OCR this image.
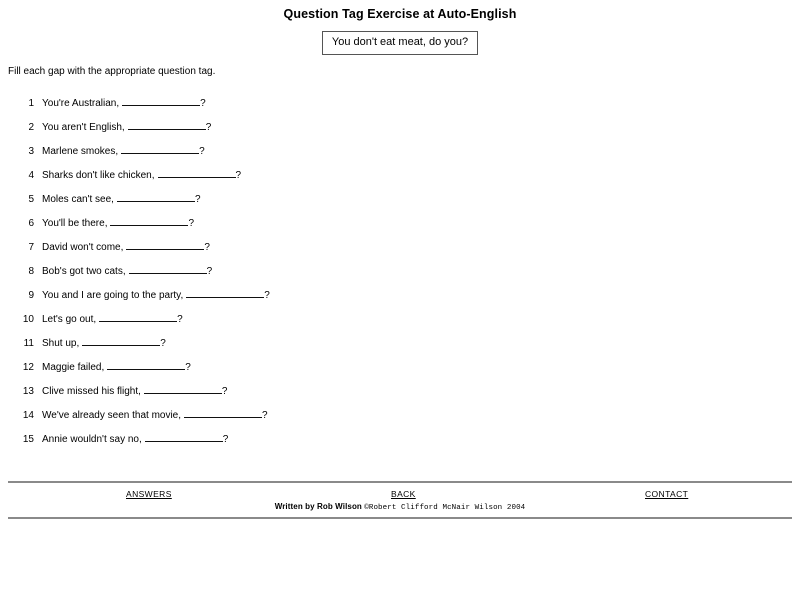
Question Tag Exercise at Auto-English
You don't eat meat, do you?
Fill each gap with the appropriate question tag.
1 You're Australian,	?
2 You aren't English,	?
3 Marlene smokes,	?
4 Sharks don't like chicken,	?
5 Moles can't see,	?
6 You'll be there,	?
7 David won't come,	?
8 Bob's got two cats,	?
9 You and I are going to the party,	?
10 Let's go out,	?
11 Shut up,	?
12 Maggie failed,	?
13 Clive missed his flight,	?
14 We've already seen that movie,	?
15 Annie wouldn't say no,	?
ANSWERS	BACK	CONTACT
Written by Rob Wilson ©Robert Clifford McNair Wilson 2004
